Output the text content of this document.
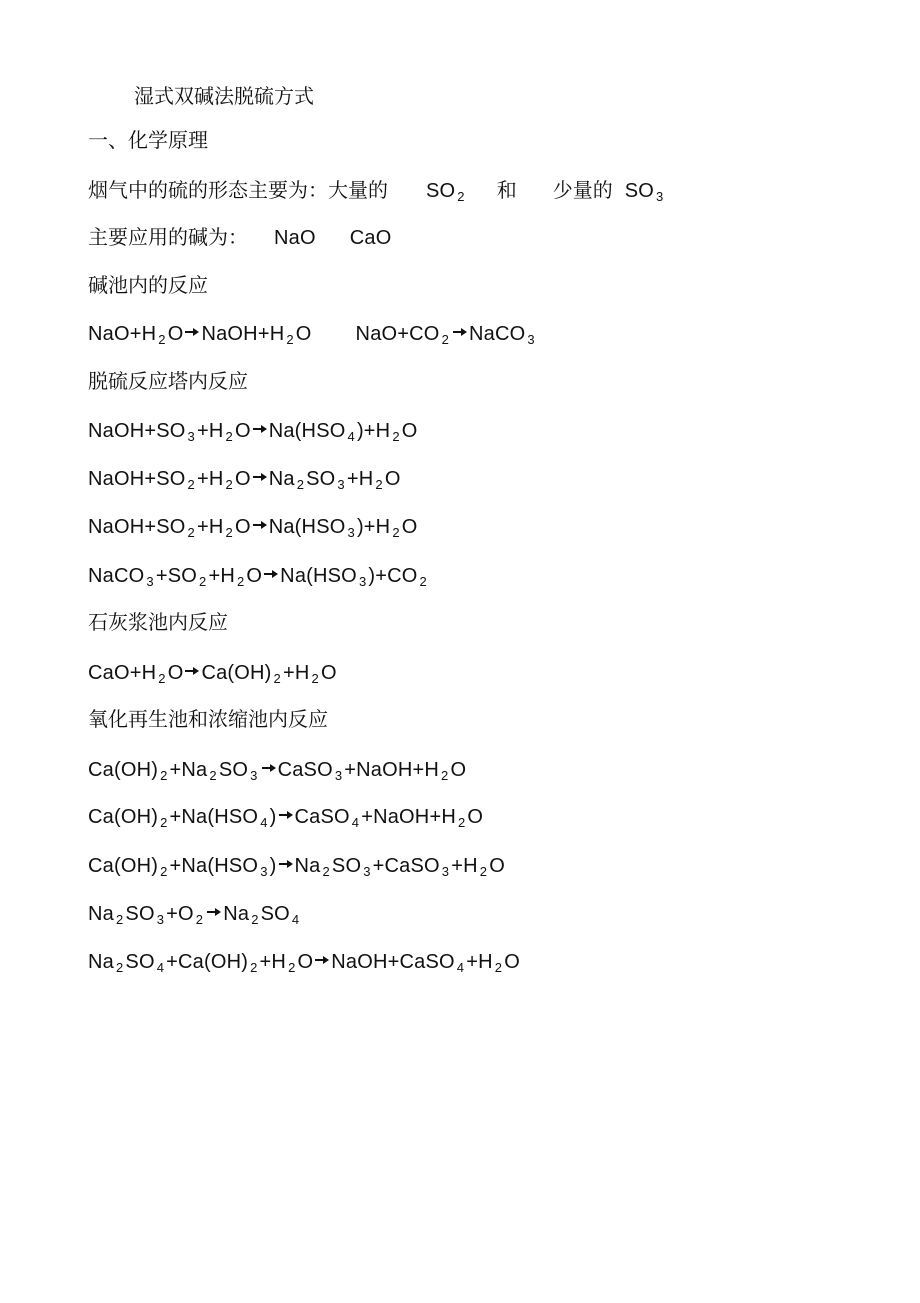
湿式双碱法脱硫方式
一、化学原理
烟气中的硫的形态主要为：大量的 SO $_2$ 和 少量的 SO $_3$
主要应用的碱为： NaO CaO
碱池内的反应
NaO+H $_2$ O NaOH+H $_2$ O NaO+CO $_2$ NaCO $_3$
脱硫反应塔内反应
NaOH+SO $_3$ +H $_2$ O Na(HSO $_4$ )+H $_2$ O
NaOH+SO $_2$ +H $_2$ O Na $_2$ SO $_3$ +H $_2$ O
NaOH+SO $_2$ +H $_2$ O Na(HSO $_3$ )+H $_2$ O
NaCO $_3$ +SO $_2$ +H $_2$ O Na(HSO $_3$ )+CO $_2$
石灰浆池内反应
CaO+H $_2$ O Ca(OH) $_2$ +H $_2$ O
氧化再生池和浓缩池内反应
Ca(OH) $_2$ +Na $_2$ SO $_3$ CaSO $_3$ +NaOH+H $_2$ O
Ca(OH) $_2$ +Na(HSO $_4$ ) CaSO $_4$ +NaOH+H $_2$ O
Ca(OH) $_2$ +Na(HSO $_3$ ) Na $_2$ SO $_3$ +CaSO $_3$ +H $_2$ O
Na $_2$ SO $_3$ +O $_2$ Na $_2$ SO $_4$
Na $_2$ SO $_4$ +Ca(OH) $_2$ +H $_2$ O NaOH+CaSO $_4$ +H $_2$ O
